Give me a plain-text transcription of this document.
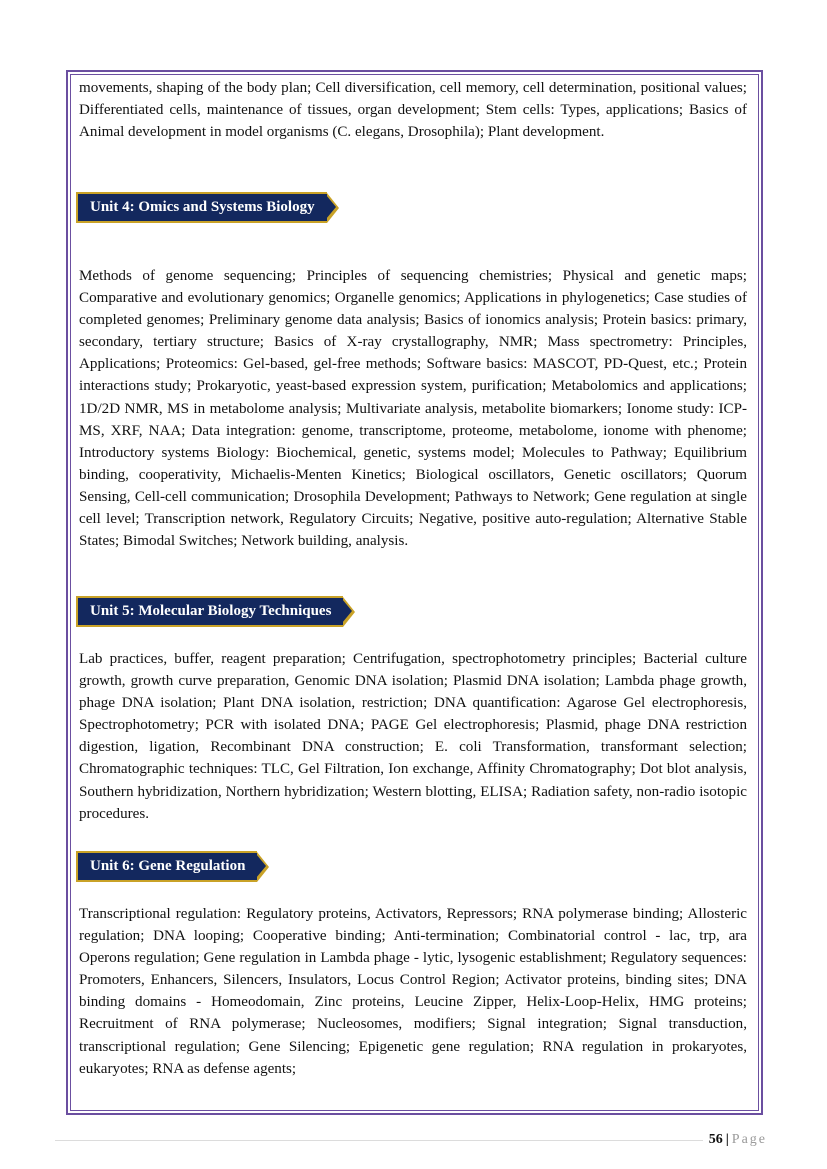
movements, shaping of the body plan; Cell diversification, cell memory, cell determination, positional values; Differentiated cells, maintenance of tissues, organ development; Stem cells: Types, applications; Basics of Animal development in model organisms (C. elegans, Drosophila); Plant development.

Unit 4: Omics and Systems Biology

Methods of genome sequencing; Principles of sequencing chemistries; Physical and genetic maps; Comparative and evolutionary genomics; Organelle genomics; Applications in phylogenetics; Case studies of completed genomes; Preliminary genome data analysis; Basics of ionomics analysis; Protein basics: primary, secondary, tertiary structure; Basics of X-ray crystallography, NMR; Mass spectrometry: Principles, Applications; Proteomics: Gel-based, gel-free methods; Software basics: MASCOT, PD-Quest, etc.; Protein interactions study; Prokaryotic, yeast-based expression system, purification; Metabolomics and applications; 1D/2D NMR, MS in metabolome analysis; Multivariate analysis, metabolite biomarkers; Ionome study: ICP-MS, XRF, NAA; Data integration: genome, transcriptome, proteome, metabolome, ionome with phenome; Introductory systems Biology: Biochemical, genetic, systems model; Molecules to Pathway; Equilibrium binding, cooperativity, Michaelis-Menten Kinetics; Biological oscillators, Genetic oscillators; Quorum Sensing, Cell-cell communication; Drosophila Development; Pathways to Network; Gene regulation at single cell level; Transcription network, Regulatory Circuits; Negative, positive auto-regulation; Alternative Stable States; Bimodal Switches; Network building, analysis.

Unit 5: Molecular Biology Techniques

Lab practices, buffer, reagent preparation; Centrifugation, spectrophotometry principles; Bacterial culture growth, growth curve preparation, Genomic DNA isolation; Plasmid DNA isolation; Lambda phage growth, phage DNA isolation; Plant DNA isolation, restriction; DNA quantification: Agarose Gel electrophoresis, Spectrophotometry; PCR with isolated DNA; PAGE Gel electrophoresis; Plasmid, phage DNA restriction digestion, ligation, Recombinant DNA construction; E. coli Transformation, transformant selection; Chromatographic techniques: TLC, Gel Filtration, Ion exchange, Affinity Chromatography; Dot blot analysis, Southern hybridization, Northern hybridization; Western blotting, ELISA; Radiation safety, non-radio isotopic procedures.

Unit 6: Gene Regulation

Transcriptional regulation: Regulatory proteins, Activators, Repressors; RNA polymerase binding; Allosteric regulation; DNA looping; Cooperative binding; Anti-termination; Combinatorial control - lac, trp, ara Operons regulation; Gene regulation in Lambda phage - lytic, lysogenic establishment; Regulatory sequences: Promoters, Enhancers, Silencers, Insulators, Locus Control Region; Activator proteins, binding sites; DNA binding domains - Homeodomain, Zinc proteins, Leucine Zipper, Helix-Loop-Helix, HMG proteins; Recruitment of RNA polymerase; Nucleosomes, modifiers; Signal integration; Signal transduction, transcriptional regulation; Gene Silencing; Epigenetic gene regulation; RNA regulation in prokaryotes, eukaryotes; RNA as defense agents;

56 | Page
